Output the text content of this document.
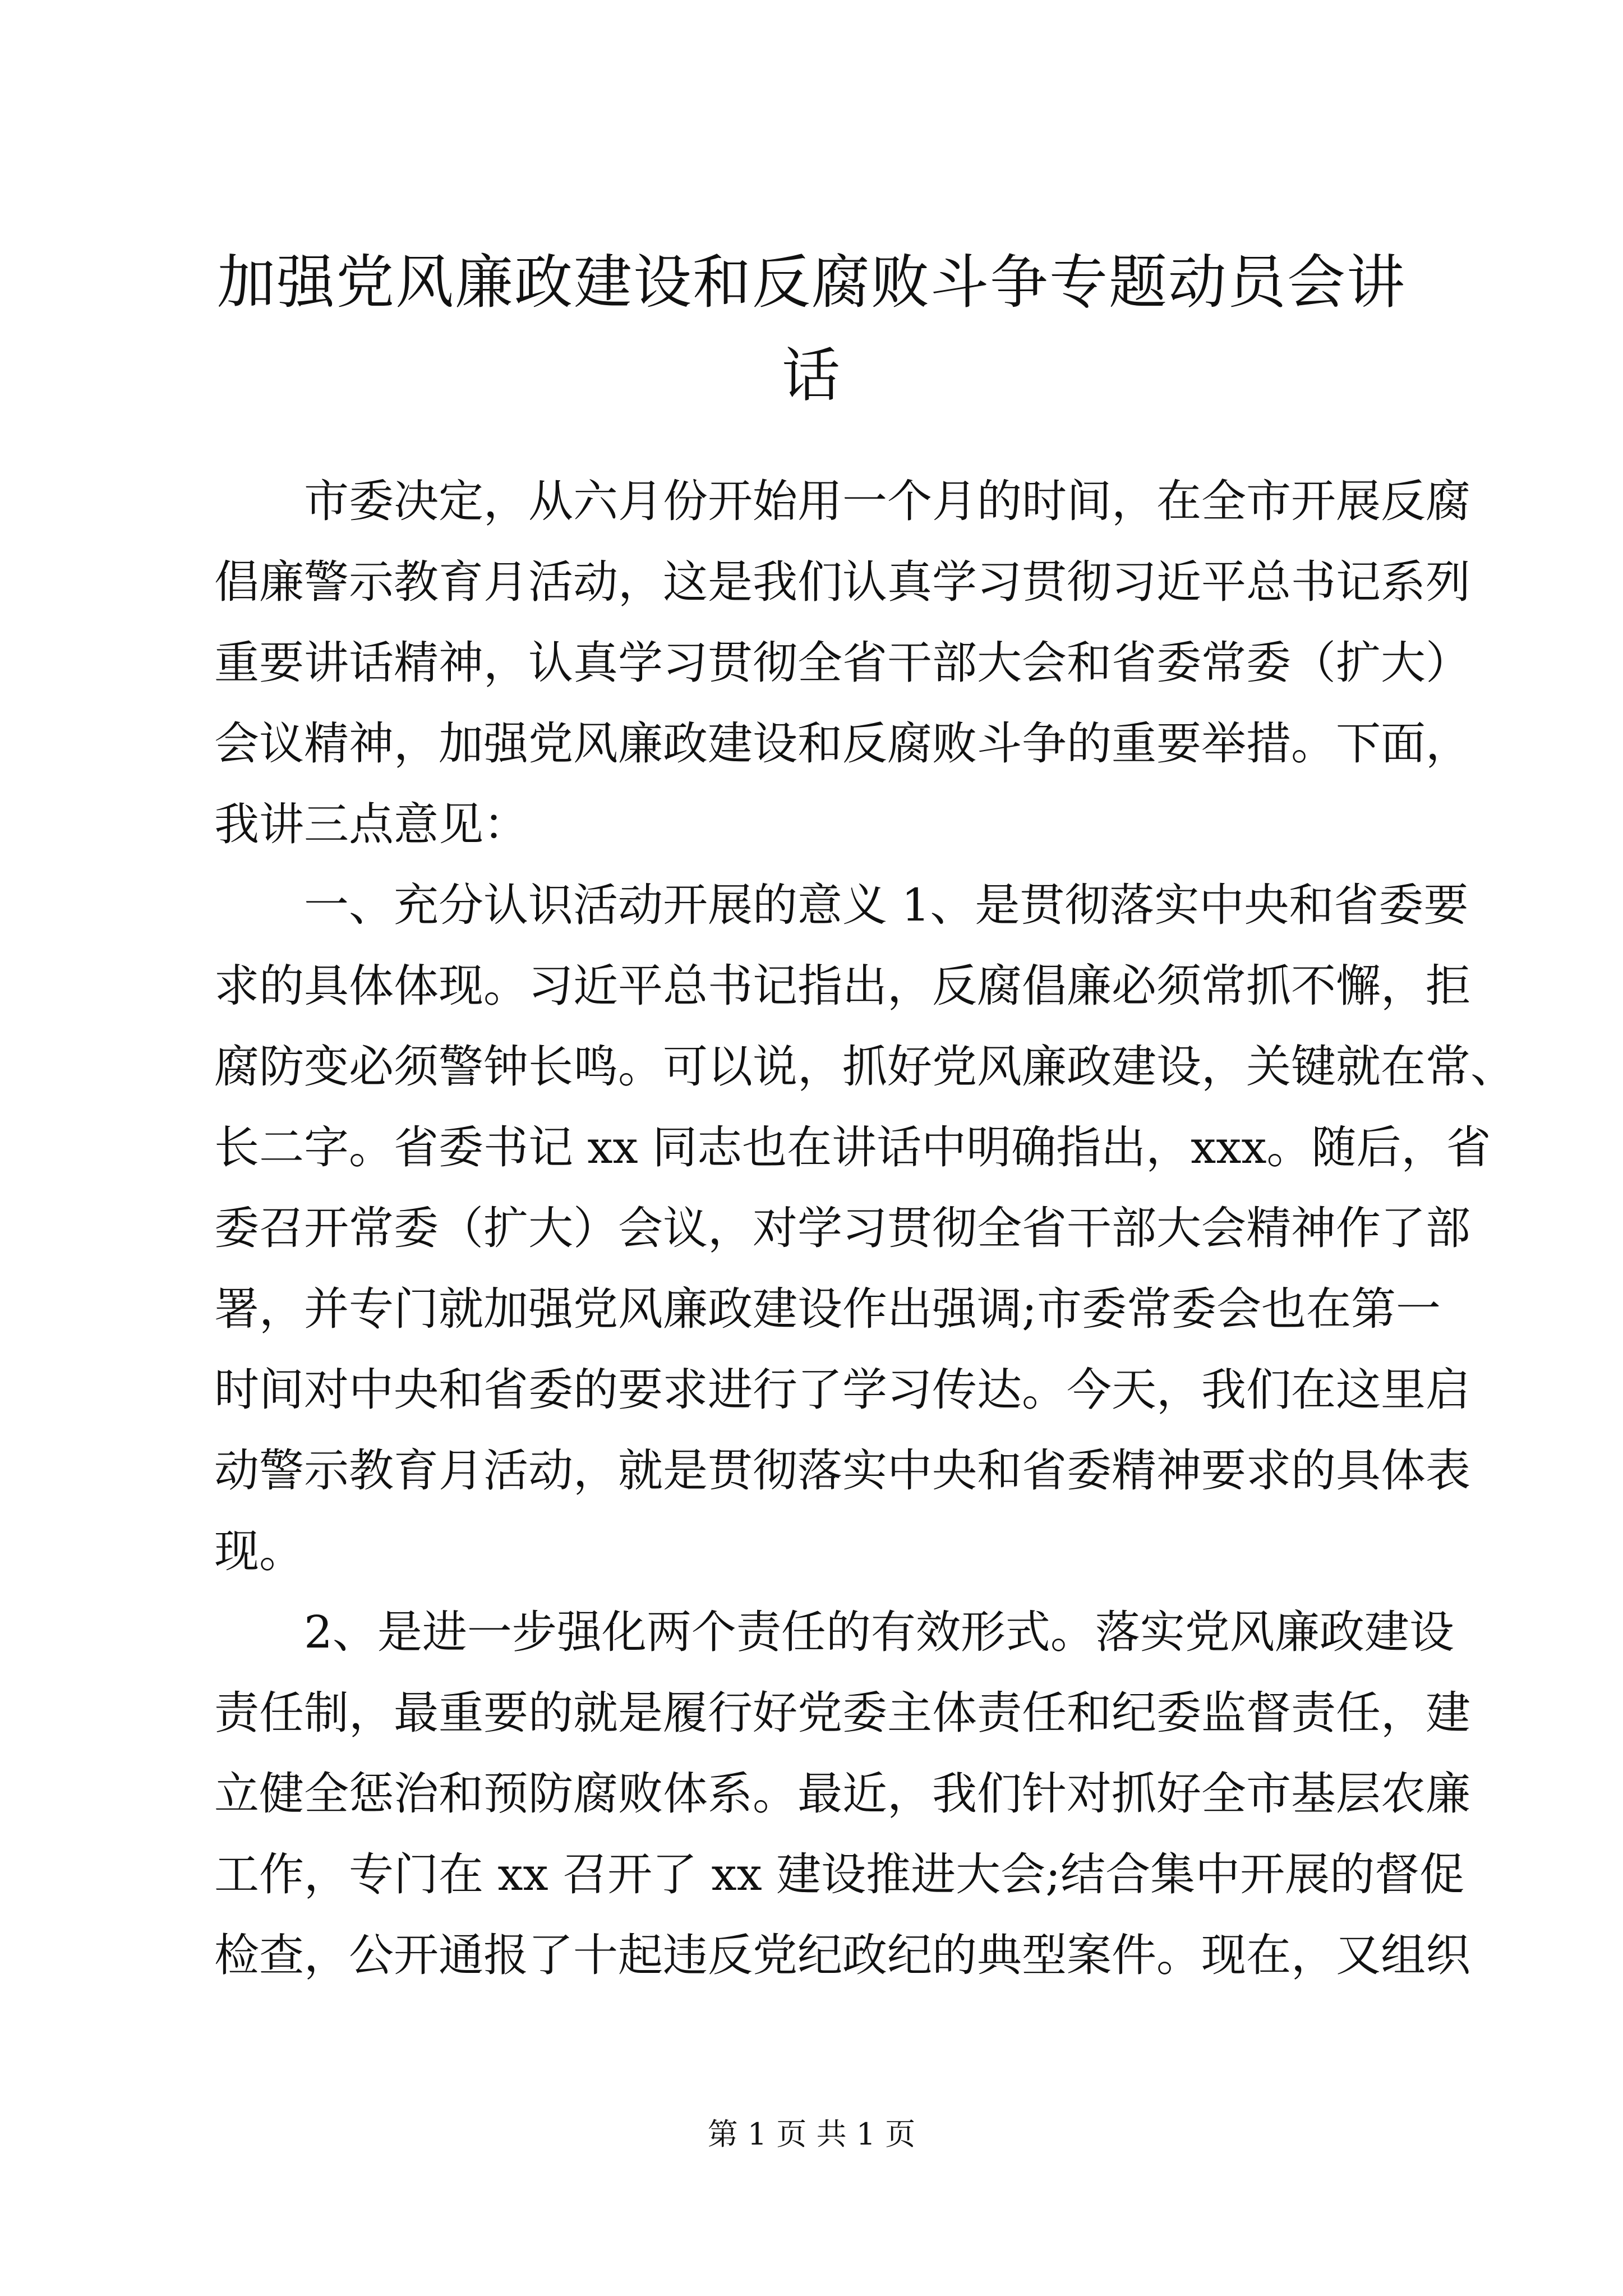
加强党风廉政建设和反腐败斗争专题动员会讲
话
市委决定，从六月份开始用一个月的时间，在全市开展反腐
倡廉警示教育月活动，这是我们认真学习贯彻习近平总书记系列
重要讲话精神，认真学习贯彻全省干部大会和省委常委（扩大）
会议精神，加强党风廉政建设和反腐败斗争的重要举措。下面，
我讲三点意见：
一、充分认识活动开展的意义 1、是贯彻落实中央和省委要
求的具体体现。习近平总书记指出，反腐倡廉必须常抓不懈，拒
腐防变必须警钟长鸣。可以说，抓好党风廉政建设，关键就在常、
长二字。省委书记 xx 同志也在讲话中明确指出，xxx。随后，省
委召开常委（扩大）会议，对学习贯彻全省干部大会精神作了部
署，并专门就加强党风廉政建设作出强调;市委常委会也在第一
时间对中央和省委的要求进行了学习传达。今天，我们在这里启
动警示教育月活动，就是贯彻落实中央和省委精神要求的具体表
现。
2、是进一步强化两个责任的有效形式。落实党风廉政建设
责任制，最重要的就是履行好党委主体责任和纪委监督责任，建
立健全惩治和预防腐败体系。最近，我们针对抓好全市基层农廉
工作，专门在 xx 召开了 xx 建设推进大会;结合集中开展的督促
检查，公开通报了十起违反党纪政纪的典型案件。现在，又组织
第 1 页 共 1 页
